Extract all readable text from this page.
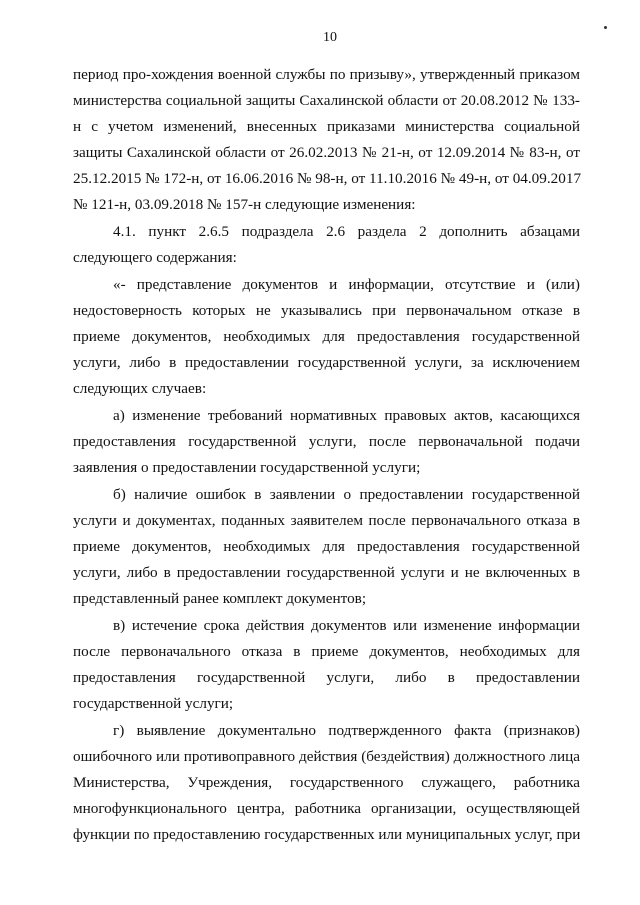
10
период про-хождения военной службы по призыву», утвержденный приказом
министерства социальной защиты Сахалинской области от 20.08.2012 № 133-
н с учетом изменений, внесенных приказами министерства социальной
защиты Сахалинской области от 26.02.2013 № 21-н, от 12.09.2014 № 83-н, от
25.12.2015 № 172-н, от 16.06.2016 № 98-н, от 11.10.2016 № 49-н, от 04.09.2017
№ 121-н, 03.09.2018 № 157-н следующие изменения:
4.1. пункт 2.6.5 подраздела 2.6 раздела 2 дополнить абзацами
следующего содержания:
«- представление документов и информации, отсутствие и (или)
недостоверность которых не указывались при первоначальном отказе в
приеме документов, необходимых для предоставления государственной
услуги, либо в предоставлении государственной услуги, за исключением
следующих случаев:
а) изменение требований нормативных правовых актов, касающихся
предоставления государственной услуги, после первоначальной подачи
заявления о предоставлении государственной услуги;
б) наличие ошибок в заявлении о предоставлении государственной
услуги и документах, поданных заявителем после первоначального отказа в
приеме документов, необходимых для предоставления государственной
услуги, либо в предоставлении государственной услуги и не включенных в
представленный ранее комплект документов;
в) истечение срока действия документов или изменение информации
после первоначального отказа в приеме документов, необходимых для
предоставления государственной услуги, либо в предоставлении
государственной услуги;
г) выявление документально подтвержденного факта (признаков)
ошибочного или противоправного действия (бездействия) должностного лица
Министерства, Учреждения, государственного служащего, работника
многофункционального центра, работника организации, осуществляющей
функции по предоставлению государственных или муниципальных услуг, при
